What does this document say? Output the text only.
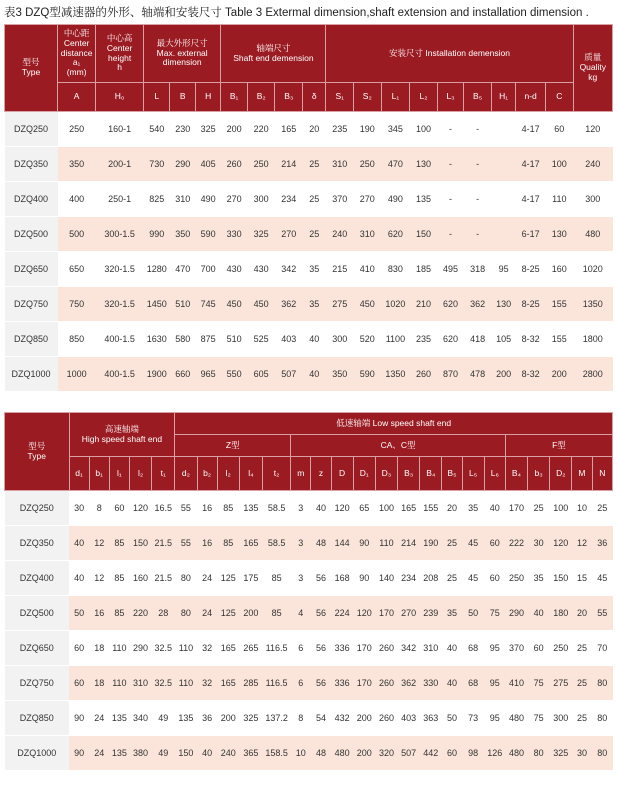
表3 DZQ型减速器的外形、轴端和安装尺寸 Table 3 Extermal dimension,shaft extension and installation dimension .
型号
Type	中心距
Center
distance
a₁
(mm)	中心高
Center
height
h	最大外形尺寸
Max. external
dimension			轴端尺寸
Shaft end demension				安装尺寸 Installation demension									质量
Quality
kg

	A	H₀	L	B	H	B₁	B₂	B₃	δ	S₁	S₂	L₁	L₂	L₃	B₅	H₁	n-d	C	
DZQ250	250	160-1	540	230	325	200	220	165	20	235	190	345	100	-	-		4-17	60	120
DZQ350	350	200-1	730	290	405	260	250	214	25	310	250	470	130	-	-		4-17	100	240
DZQ400	400	250-1	825	310	490	270	300	234	25	370	270	490	135	-	-		4-17	110	300
DZQ500	500	300-1.5	990	350	590	330	325	270	25	240	310	620	150	-	-		6-17	130	480
DZQ650	650	320-1.5	1280	470	700	430	430	342	35	215	410	830	185	495	318	95	8-25	160	1020
DZQ750	750	320-1.5	1450	510	745	450	450	362	35	275	450	1020	210	620	362	130	8-25	155	1350
DZQ850	850	400-1.5	1630	580	875	510	525	403	40	300	520	1100	235	620	418	105	8-32	155	1800
DZQ1000	1000	400-1.5	1900	660	965	550	605	507	40	350	590	1350	260	870	478	200	8-32	200	2800
型号
Type	高速轴端
High speed shaft end					低速轴端 Low speed shaft end																			
						Z型					CA、C型										F型				
	d₁	b₁	l₁	l₂	t₁	d₂	b₂	l₂	l₄	t₂	m	z	D	D₁	D₃	B₃	B₄	B₅	L₅	L₆	B₄	b₃	D₂	M	N
DZQ250	30	8	60	120	16.5	55	16	85	135	58.5	3	40	120	65	100	165	155	20	35	40	170	25	100	10	25
DZQ350	40	12	85	150	21.5	55	16	85	165	58.5	3	48	144	90	110	214	190	25	45	60	222	30	120	12	36
DZQ400	40	12	85	160	21.5	80	24	125	175	85	3	56	168	90	140	234	208	25	45	60	250	35	150	15	45
DZQ500	50	16	85	220	28	80	24	125	200	85	4	56	224	120	170	270	239	35	50	75	290	40	180	20	55
DZQ650	60	18	110	290	32.5	110	32	165	265	116.5	6	56	336	170	260	342	310	40	68	95	370	60	250	25	70
DZQ750	60	18	110	310	32.5	110	32	165	285	116.5	6	56	336	170	260	362	330	40	68	95	410	75	275	25	80
DZQ850	90	24	135	340	49	135	36	200	325	137.2	8	54	432	200	260	403	363	50	73	95	480	75	300	25	80
DZQ1000	90	24	135	380	49	150	40	240	365	158.5	10	48	480	200	320	507	442	60	98	126	480	80	325	30	80
